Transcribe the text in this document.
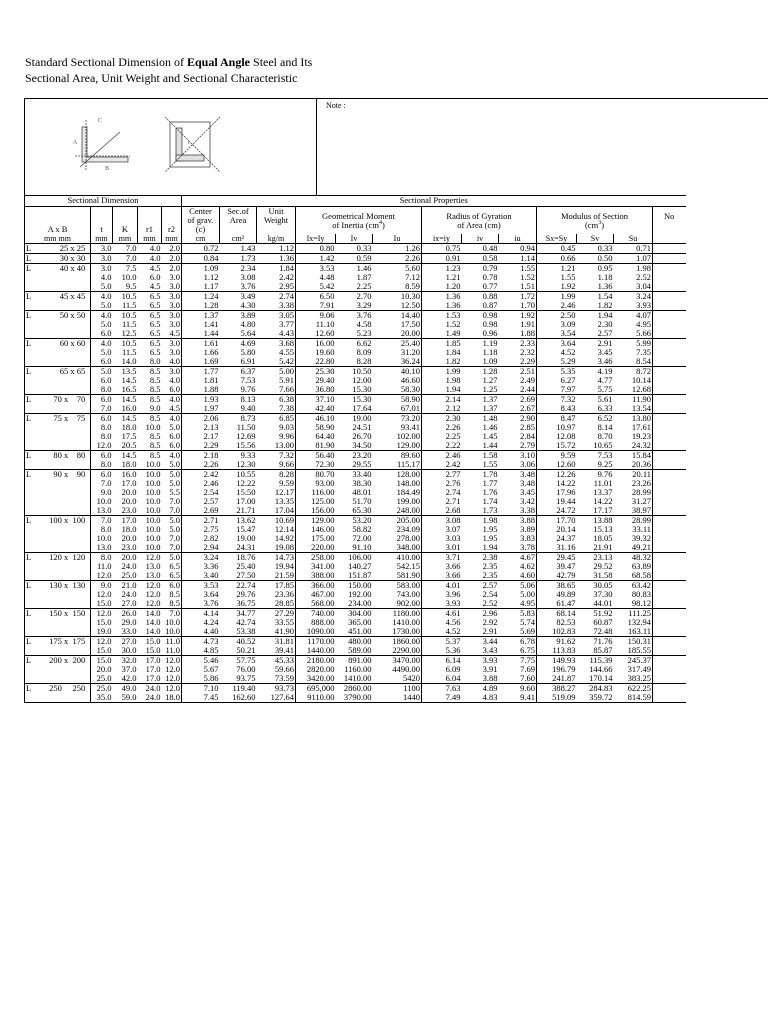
Standard Sectional Dimension of Equal Angle Steel and Its
Sectional Area, Unit Weight and Sectional Characteristic
Note :
C
A
B
t
Sectional Dimension					Sectional Properties												
A x B	t	K	r1	r2	Center
of grav.
(c)	Sec.of
Area	Unit
Weight	Geometrical Moment
of Inertia $(cm^4)$			Radius of Gyration
of Area (cm)			Modulus of Section
$(cm^3)$			No
mm mm	mm	mm	mm	mm	cm	cm²	kg/m	Ix=Iy	Iv	Iu	ix=iy	iv	iu	Sx=Sy	Sv	Su	
L 25 x 25	3.0	7.0	4.0	2.0	0.72	1.43	1.12	0.80	0.33	1.26	0.75	0.48	0.94	0.45	0.33	0.71	
L 30 x 30	3.0	7.0	4.0	2.0	0.84	1.73	1.36	1.42	0.59	2.26	0.91	0.58	1.14	0.66	0.50	1.07	
L 40 x 40	3.0	7.5	4.5	2.0	1.09	2.34	1.84	3.53	1.46	5.60	1.23	0.79	1.55	1.21	0.95	1.98	
	4.0	10.0	6.0	3.0	1.12	3.08	2.42	4.48	1.87	7.12	1.21	0.78	1.52	1.55	1.18	2.52	
	5.0	9.5	4.5	3.0	1.17	3.76	2.95	5.42	2.25	8.59	1.20	0.77	1.51	1.92	1.36	3.04	
L 45 x 45	4.0	10.5	6.5	3.0	1.24	3.49	2.74	6.50	2.70	10.30	1.36	0.88	1.72	1.99	1.54	3.24	
	5.0	11.5	6.5	3.0	1.28	4.30	3.38	7.91	3.29	12.50	1.36	0.87	1.70	2.46	1.82	3.93	
L 50 x 50	4.0	10.5	6.5	3.0	1.37	3.89	3.05	9.06	3.76	14.40	1.53	0.98	1.92	2.50	1.94	4.07	
	5.0	11.5	6.5	3.0	1.41	4.80	3.77	11.10	4.58	17.50	1.52	0.98	1.91	3.09	2.30	4.95	
	6.0	12.5	6.5	4.5	1.44	5.64	4.43	12.60	5.23	20.00	1.49	0.96	1.88	3.54	2.57	5.66	
L 60 x 60	4.0	10.5	6.5	3.0	1.61	4.69	3.68	16.00	6.62	25.40	1.85	1.19	2.33	3.64	2.91	5.99	
	5.0	11.5	6.5	3.0	1.66	5.80	4.55	19.60	8.09	31.20	1.84	1.18	2.32	4.52	3.45	7.35	
	6.0	14.0	8.0	4.0	1.69	6.91	5.42	22.80	8.28	36.24	1.82	1.09	2.29	5.29	3.46	8.54	
L 65 x 65	5.0	13.5	8.5	3.0	1.77	6.37	5.00	25.30	10.50	40.10	1.99	1.28	2.51	5.35	4.19	8.72	
	6.0	14.5	8.5	4.0	1.81	7.53	5.91	29.40	12.00	46.60	1.98	1.27	2.49	6.27	4.77	10.14	
	8.0	16.5	8.5	6.0	1.88	9.76	7.66	36.80	15.30	58.30	1.94	1.25	2.44	7.97	5.75	12.68	
L 70 x    70	6.0	14.5	8.5	4.0	1.93	8.13	6.38	37.10	15.30	58.90	2.14	1.37	2.69	7.32	5.61	11.90	
	7.0	16.0	9.0	4.5	1.97	9.40	7.38	42.40	17.64	67.01	2.12	1.37	2.67	8.43	6.33	13.54	
L 75 x    75	6.0	14.5	8.5	4.0	2.06	8.73	6.85	46.10	19.00	73.20	2.30	1.48	2.90	8.47	6.52	13.80	
	8.0	18.0	10.0	5.0	2.13	11.50	9.03	58.90	24.51	93.41	2.26	1.46	2.85	10.97	8.14	17.61	
	8.0	17.5	8.5	6.0	2.17	12.69	9.96	64.40	26.70	102.00	2.25	1.45	2.84	12.08	8.70	19.23	
	12.0	20.5	8.5	6.0	2.29	15.56	13.00	81.90	34.50	129.00	2.22	1.44	2.79	15.72	10.65	24.32	
L 80 x    80	6.0	14.5	8.5	4.0	2.18	9.33	7.32	56.40	23.20	89.60	2.46	1.58	3.10	9.59	7.53	15.84	
	8.0	18.0	10.0	5.0	2.26	12.30	9.66	72.30	29.55	115.17	2.42	1.55	3.06	12.60	9.25	20.36	
L 90 x    90	6.0	16.0	10.0	5.0	2.42	10.55	8.28	80.70	33.40	128.00	2.77	1.78	3.48	12.26	9.76	20.11	
	7.0	17.0	10.0	5.0	2.46	12.22	9.59	93.00	38.30	148.00	2.76	1.77	3.48	14.22	11.01	23.26	
	9.0	20.0	10.0	5.5	2.54	15.50	12.17	116.00	48.01	184.49	2.74	1.76	3.45	17.96	13.37	28.99	
	10.0	20.0	10.0	7.0	2.57	17.00	13.35	125.00	51.70	199.00	2.71	1.74	3.42	19.44	14.22	31.27	
	13.0	23.0	10.0	7.0	2.69	21.71	17.04	156.00	65.30	248.00	2.68	1.73	3.38	24.72	17.17	38.97	
L 100 x  100	7.0	17.0	10.0	5.0	2.71	13.62	10.69	129.00	53.20	205.00	3.08	1.98	3.88	17.70	13.88	28.99	
	8.0	18.0	10.0	5.0	2.75	15.47	12.14	146.00	58.82	234.09	3.07	1.95	3.89	20.14	15.13	33.11	
	10.0	20.0	10.0	7.0	2.82	19.00	14.92	175.00	72.00	278.00	3.03	1.95	3.83	24.37	18.05	39.32	
	13.0	23.0	10.0	7.0	2.94	24.31	19.08	220.00	91.10	348.00	3.01	1.94	3.78	31.16	21.91	49.21	
L 120 x  120	8.0	20.0	12.0	5.0	3.24	18.76	14.73	258.00	106.00	410.00	3.71	2.38	4.67	29.45	23.13	48.32	
	11.0	24.0	13.0	6.5	3.36	25.40	19.94	341.00	140.27	542.15	3.66	2.35	4.62	39.47	29.52	63.89	
	12.0	25.0	13.0	6.5	3.40	27.50	21.59	388.00	151.87	581.90	3.66	2.35	4.60	42.79	31.58	68.58	
L 130 x  130	9.0	21.0	12.0	6.0	3.53	22.74	17.85	366.00	150.00	583.00	4.01	2.57	5.06	38.65	30.05	63.42	
	12.0	24.0	12.0	8.5	3.64	29.76	23.36	467.00	192.00	743.00	3.96	2.54	5.00	49.89	37.30	80.83	
	15.0	27.0	12.0	8.5	3.76	36.75	28.85	568.00	234.00	902.00	3.93	2.52	4.95	61.47	44.01	98.12	
L 150 x  150	12.0	26.0	14.0	7.0	4.14	34.77	27.29	740.00	304.00	1180.00	4.61	2.96	5.83	68.14	51.92	111.25	
	15.0	29.0	14.0	10.0	4.24	42.74	33.55	888.00	365.00	1410.00	4.56	2.92	5.74	82.53	60.87	132.94	
	19.0	33.0	14.0	10.0	4.40	53.38	41.90	1090.00	451.00	1730.00	4.52	2.91	5.69	102.83	72.48	163.11	
L 175 x  175	12.0	27.0	15.0	11.0	4.73	40.52	31.81	1170.00	480.00	1860.00	5.37	3.44	6.78	91.62	71.76	150.31	
	15.0	30.0	15.0	11.0	4.85	50.21	39.41	1440.00	589.00	2290.00	5.36	3.43	6.75	113.83	85.87	185.55	
L 200 x  200	15.0	32.0	17.0	12.0	5.46	57.75	45.33	2180.00	891.00	3470.00	6.14	3.93	7.75	149.93	115.39	245.37	
	20.0	37.0	17.0	12.0	5.67	76.00	59.66	2820.00	1160.00	4490.00	6.09	3.91	7.69	196.79	144.66	317.49	
	25.0	42.0	17.0	12.0	5.86	93.75	73.59	3420.00	1410.00	5420	6.04	3.88	7.60	241.87	170.14	383.25	
L 250     250	25.0	49.0	24.0	12.0	7.10	119.40	93.73	695,000	2860.00	1100	7.63	4.89	9.60	388.27	284.83	622.25	
	35.0	59.0	24.0	18.0	7.45	162.60	127.64	9110.00	3790.00	1440	7.49	4.83	9.41	519.09	359.72	814.59	
